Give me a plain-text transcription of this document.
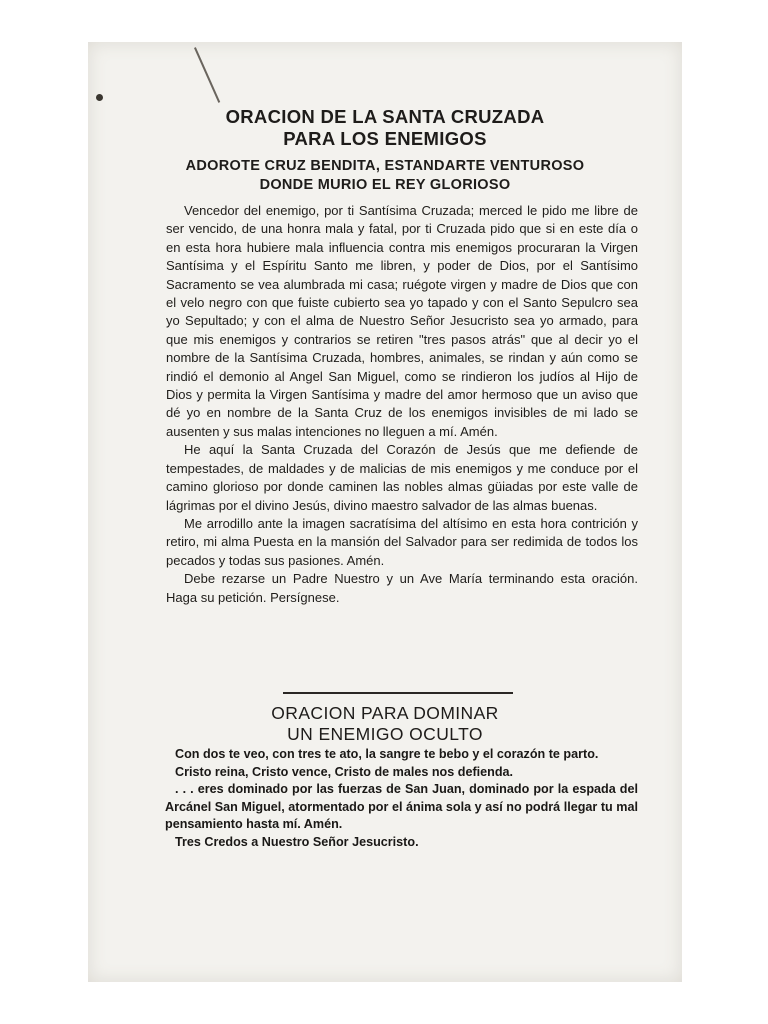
ORACION DE LA SANTA CRUZADA
PARA LOS ENEMIGOS
ADOROTE CRUZ BENDITA, ESTANDARTE VENTUROSO
DONDE MURIO EL REY GLORIOSO

Vencedor del enemigo, por ti Santísima Cruzada; merced le pido me libre de ser vencido, de una honra mala y fatal, por ti Cruzada pido que si en este día o en esta hora hubiere mala influencia contra mis enemigos procuraran la Virgen Santísima y el Espíritu Santo me libren, y poder de Dios, por el Santísimo Sacramento se vea alumbrada mi casa; ruégote virgen y madre de Dios que con el velo negro con que fuiste cubierto sea yo tapado y con el Santo Sepulcro sea yo Sepultado; y con el alma de Nuestro Señor Jesucristo sea yo armado, para que mis enemigos y contrarios se retiren "tres pasos atrás" que al decir yo el nombre de la Santísima Cruzada, hombres, animales, se rindan y aún como se rindió el demonio al Angel San Miguel, como se rindieron los judíos al Hijo de Dios y permita la Virgen Santísima y madre del amor hermoso que un aviso que dé yo en nombre de la Santa Cruz de los enemigos invisibles de mi lado se ausenten y sus malas intenciones no lleguen a mí. Amén.

He aquí la Santa Cruzada del Corazón de Jesús que me defiende de tempestades, de maldades y de malicias de mis enemigos y me conduce por el camino glorioso por donde caminen las nobles almas güiadas por este valle de lágrimas por el divino Jesús, divino maestro salvador de las almas buenas.

Me arrodillo ante la imagen sacratísima del altísimo en esta hora contrición y retiro, mi alma Puesta en la mansión del Salvador para ser redimida de todos los pecados y todas sus pasiones. Amén.

Debe rezarse un Padre Nuestro y un Ave María terminando esta oración. Haga su petición. Persígnese.

ORACION PARA DOMINAR
UN ENEMIGO OCULTO

Con dos te veo, con tres te ato, la sangre te bebo y el corazón te parto.

Cristo reina, Cristo vence, Cristo de males nos defienda.

. . . eres dominado por las fuerzas de San Juan, dominado por la espada del Arcánel San Miguel, atormentado por el ánima sola y así no podrá llegar tu mal pensamiento hasta mí. Amén.

Tres Credos a Nuestro Señor Jesucristo.
